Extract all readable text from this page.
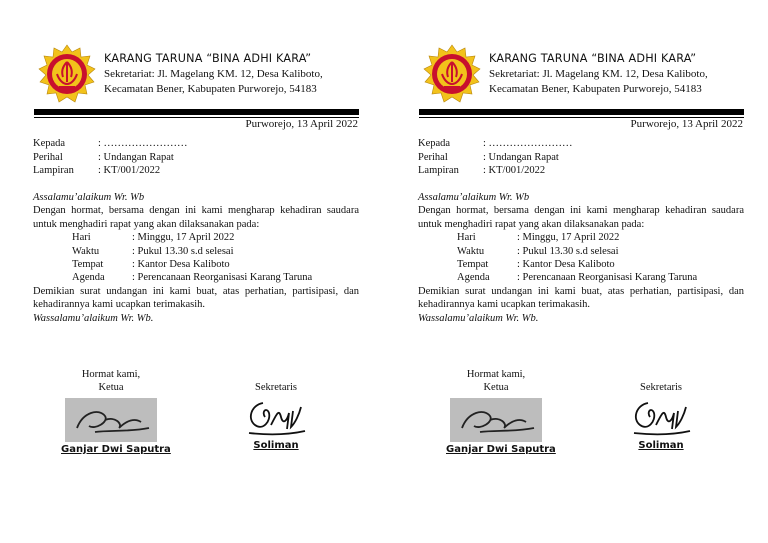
KARANG TARUNA “BINA ADHI KARA”
Sekretariat: Jl. Magelang KM. 12, Desa Kaliboto,
Kecamatan Bener, Kabupaten Purworejo, 54183
Purworejo, 13 April 2022
Kepada	: ……………………
Perihal	: Undangan Rapat
Lampiran	: KT/001/2022

Assalamu’alaikum Wr. Wb

Dengan hormat, bersama dengan ini kami mengharap kehadiran saudara untuk menghadiri rapat yang akan dilaksanakan pada:

Hari	: Minggu, 17 April 2022
Waktu	: Pukul 13.30 s.d selesai
Tempat	: Kantor Desa Kaliboto
Agenda	: Perencanaan Reorganisasi Karang Taruna

Demikian surat undangan ini kami buat, atas perhatian, partisipasi, dan kehadirannya kami ucapkan terimakasih.

Wassalamu’alaikum Wr. Wb.

Hormat kami,
Ketua
Ganjar Dwi Saputra
Sekretaris
Soliman
KARANG TARUNA “BINA ADHI KARA”
Sekretariat: Jl. Magelang KM. 12, Desa Kaliboto,
Kecamatan Bener, Kabupaten Purworejo, 54183
Purworejo, 13 April 2022
Kepada	: ……………………
Perihal	: Undangan Rapat
Lampiran	: KT/001/2022

Assalamu’alaikum Wr. Wb

Dengan hormat, bersama dengan ini kami mengharap kehadiran saudara untuk menghadiri rapat yang akan dilaksanakan pada:

Hari	: Minggu, 17 April 2022
Waktu	: Pukul 13.30 s.d selesai
Tempat	: Kantor Desa Kaliboto
Agenda	: Perencanaan Reorganisasi Karang Taruna

Demikian surat undangan ini kami buat, atas perhatian, partisipasi, dan kehadirannya kami ucapkan terimakasih.

Wassalamu’alaikum Wr. Wb.

Hormat kami,
Ketua
Ganjar Dwi Saputra
Sekretaris
Soliman
